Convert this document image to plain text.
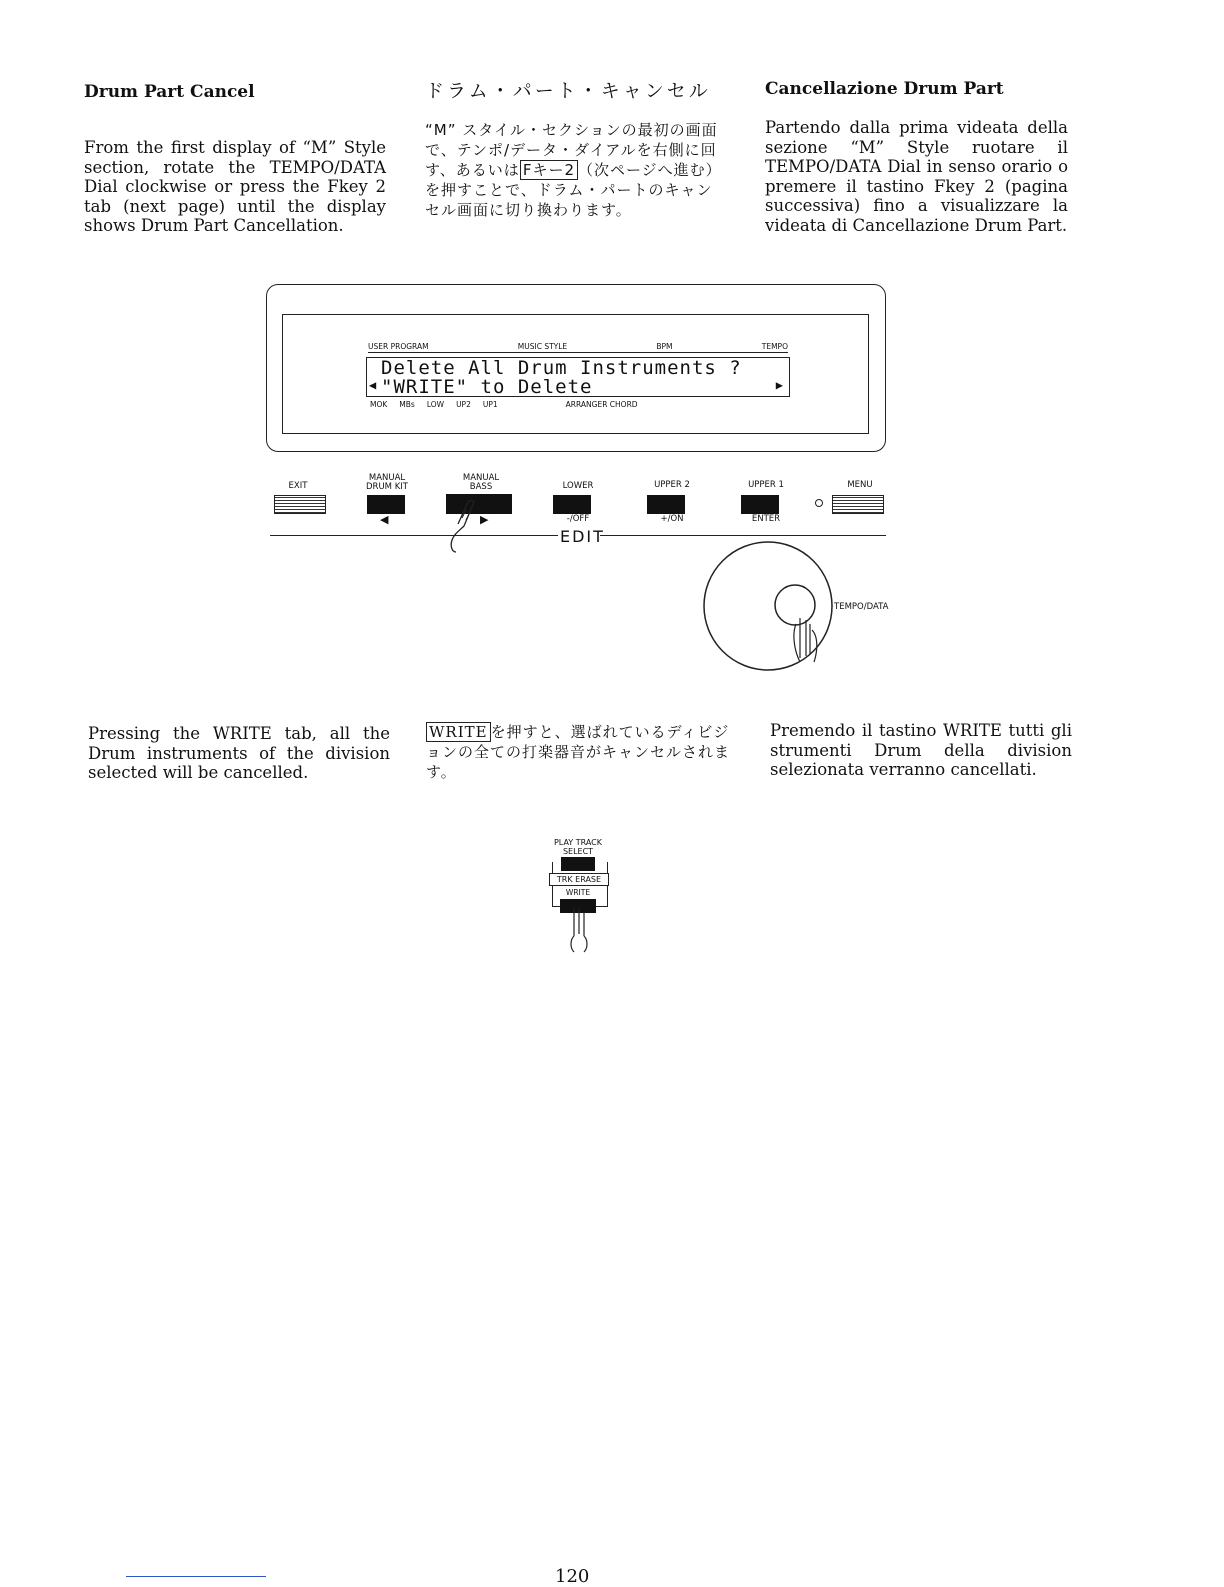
Drum Part Cancel	ドラム・パート・キャンセル	Cancellazione Drum Part
From the first display of “M” Style section, rotate the TEMPO/DATA Dial clockwise or press the Fkey 2 tab (next page) until the display shows Drum Part Cancellation.
“M” スタイル・セクションの最初の画面で、テンポ/データ・ダイアルを右側に回す、あるいは Fキー2 （次ページへ進む）を押すことで、ドラム・パートのキャンセル画面に切り換わります。
Partendo dalla prima videata della sezione “M” Style ruotare il TEMPO/DATA Dial in senso orario o premere il tastino Fkey 2 (pagina successiva) fino a visualizzare la videata di Cancellazione Drum Part.
USER PROGRAM	MUSIC STYLE	BPM	TEMPO
Delete All Drum Instruments ?
◀ "WRITE" to Delete	▶
MOK MBs LOW UP2 UP1	ARRANGER CHORD
EXIT
MANUAL
DRUM KIT
MANUAL
BASS	LOWER	UPPER 2	UPPER 1	MENU
◀	▶	-/OFF	+/ON	ENTER
EDIT
TEMPO/DATA
Pressing the WRITE tab, all the Drum instruments of the division selected will be cancelled.
WRITE を押すと、選ばれているディビジョンの全ての打楽器音がキャンセルされます。
Premendo il tastino WRITE tutti gli strumenti Drum della division selezionata verranno cancellati.
PLAY TRACK
SELECT
TRK ERASE
WRITE
120
